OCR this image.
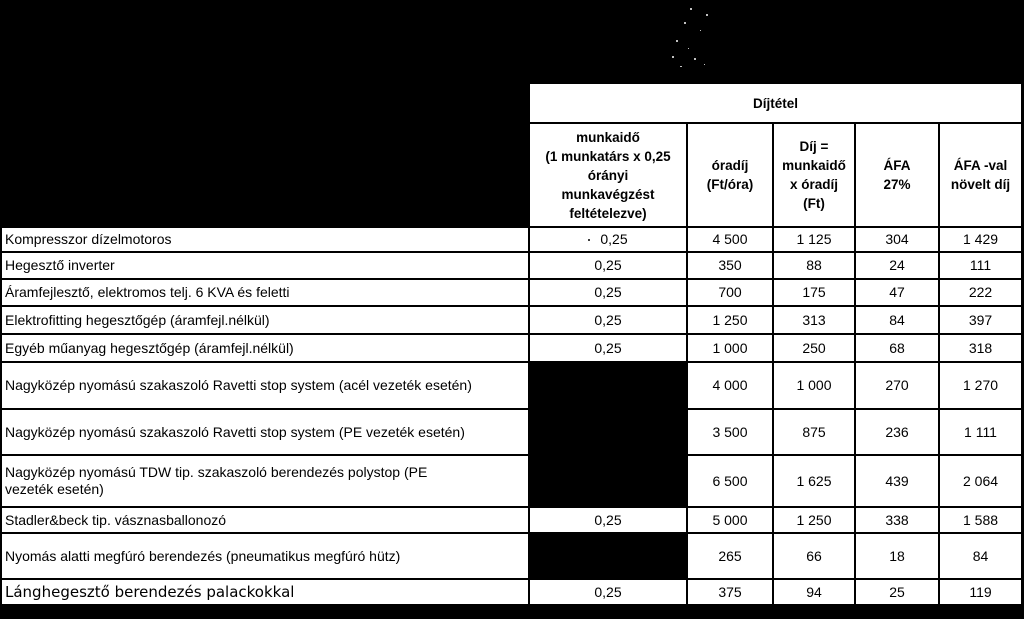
	Díjtétel				
	munkaidő
(1 munkatárs x 0,25
órányi
munkavégzést
feltételezve)	óradíj
(Ft/óra)	Díj =
munkaidő
x óradíj
(Ft)	ÁFA
27%	ÁFA -val
növelt díj
Kompresszor dízelmotoros	0,25	4 500	1 125	304	1 429
Hegesztő inverter	0,25	350	88	24	111
Áramfejlesztő, elektromos telj. 6 KVA és feletti	0,25	700	175	47	222
Elektrofitting hegesztőgép (áramfejl.nélkül)	0,25	1 250	313	84	397
Egyéb műanyag hegesztőgép (áramfejl.nélkül)	0,25	1 000	250	68	318
Nagyközép nyomású szakaszoló Ravetti stop system (acél vezeték esetén)		4 000	1 000	270	1 270
Nagyközép nyomású szakaszoló Ravetti stop system (PE vezeték esetén)		3 500	875	236	1 111
Nagyközép nyomású TDW tip. szakaszoló berendezés polystop (PE
vezeték esetén)		6 500	1 625	439	2 064
Stadler&beck tip. vásznasballonozó	0,25	5 000	1 250	338	1 588
Nyomás alatti megfúró berendezés (pneumatikus megfúró hütz)		265	66	18	84
Lánghegesztő berendezés palackokkal	0,25	375	94	25	119
